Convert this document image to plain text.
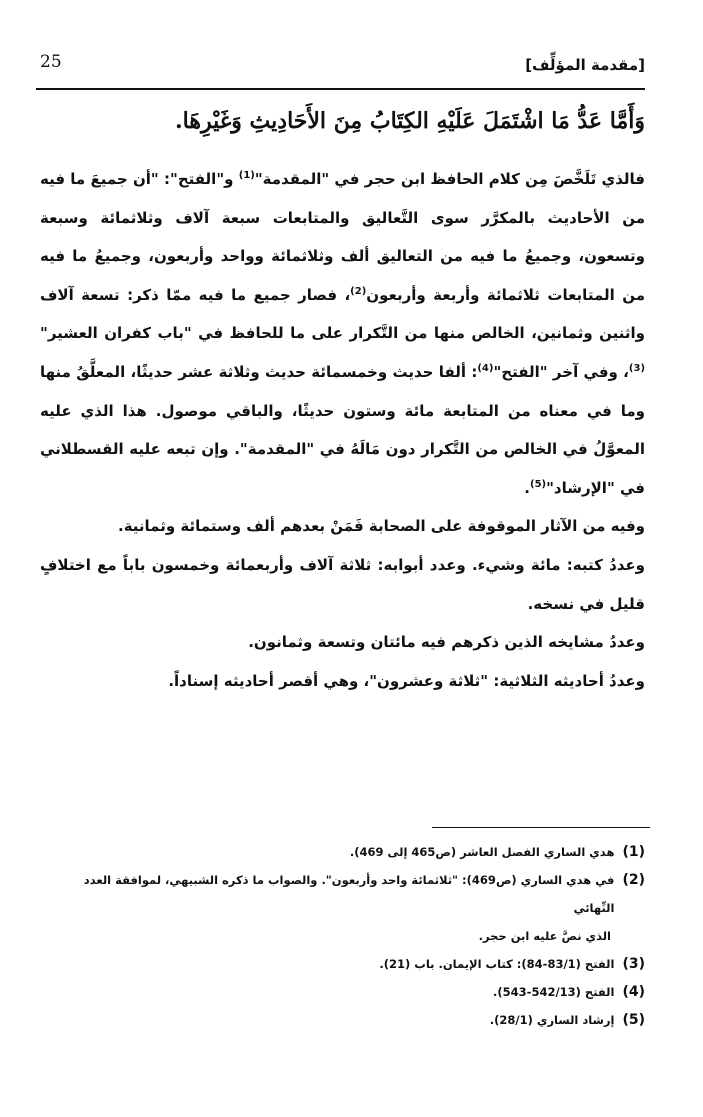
[مقدمة المؤلِّف]
25
وَأَمَّا عَدُّ مَا اشْتَمَلَ عَلَيْهِ الكِتَابُ مِنَ الأَحَادِيثِ وَغَيْرِهَا.

فالذي تَلَخَّصَ مِن كلام الحافظ ابن حجر في "المقدمة"$^{(1)}$ و"الفتح": "أن جميعَ ما فيه من الأحاديث بالمكرَّر سوى التَّعاليق والمتابعات سبعة آلاف وثلاثمائة وسبعة وتسعون، وجميعُ ما فيه من التعاليق ألف وثلاثمائة وواحد وأربعون، وجميعُ ما فيه من المتابعات ثلاثمائة وأربعة وأربعون$^{(2)}$، فصار جميع ما فيه ممّا ذكر: تسعة آلاف واثنين وثمانين، الخالص منها من التَّكرار على ما للحافظ في "باب كفران العشير"$^{(3)}$، وفي آخر "الفتح"$^{(4)}$: ألفا حديث وخمسمائة حديث وثلاثة عشر حديثًا، المعلَّقُ منها وما في معناه من المتابعة مائة وستون حديثًا، والباقي موصول. هذا الذي عليه المعوَّلُ في الخالص من التَّكرار دون مَالَهُ في "المقدمة". وإن تبعه عليه القسطلاني في "الإرشاد"$^{(5)}$.

وفيه من الآثار الموقوفة على الصحابة فَمَنْ بعدهم ألف وستمائة وثمانية.

وعددُ كتبه: مائة وشيء. وعدد أبوابه: ثلاثة آلاف وأربعمائة وخمسون باباً مع اختلافٍ قليل في نسخه.

وعددُ مشايخه الذين ذكرهم فيه مائتان وتسعة وثمانون.

وعددُ أحاديثه الثلاثية: "ثلاثة وعشرون"، وهي أقصر أحاديثه إسناداً.

(1)
هدي الساري الفصل العاشر (ص465 إلى 469).
(2)
في هدي الساري (ص469): "ثلاثمائة واحد وأربعون". والصواب ما ذكره الشبيهي، لموافقة العدد النِّهائي
الذي نصَّ عليه ابن حجر.
(3)
الفتح (83/1-84): كتاب الإيمان. باب (21).
(4)
الفتح (542/13-543).
(5)
إرشاد الساري (28/1).
